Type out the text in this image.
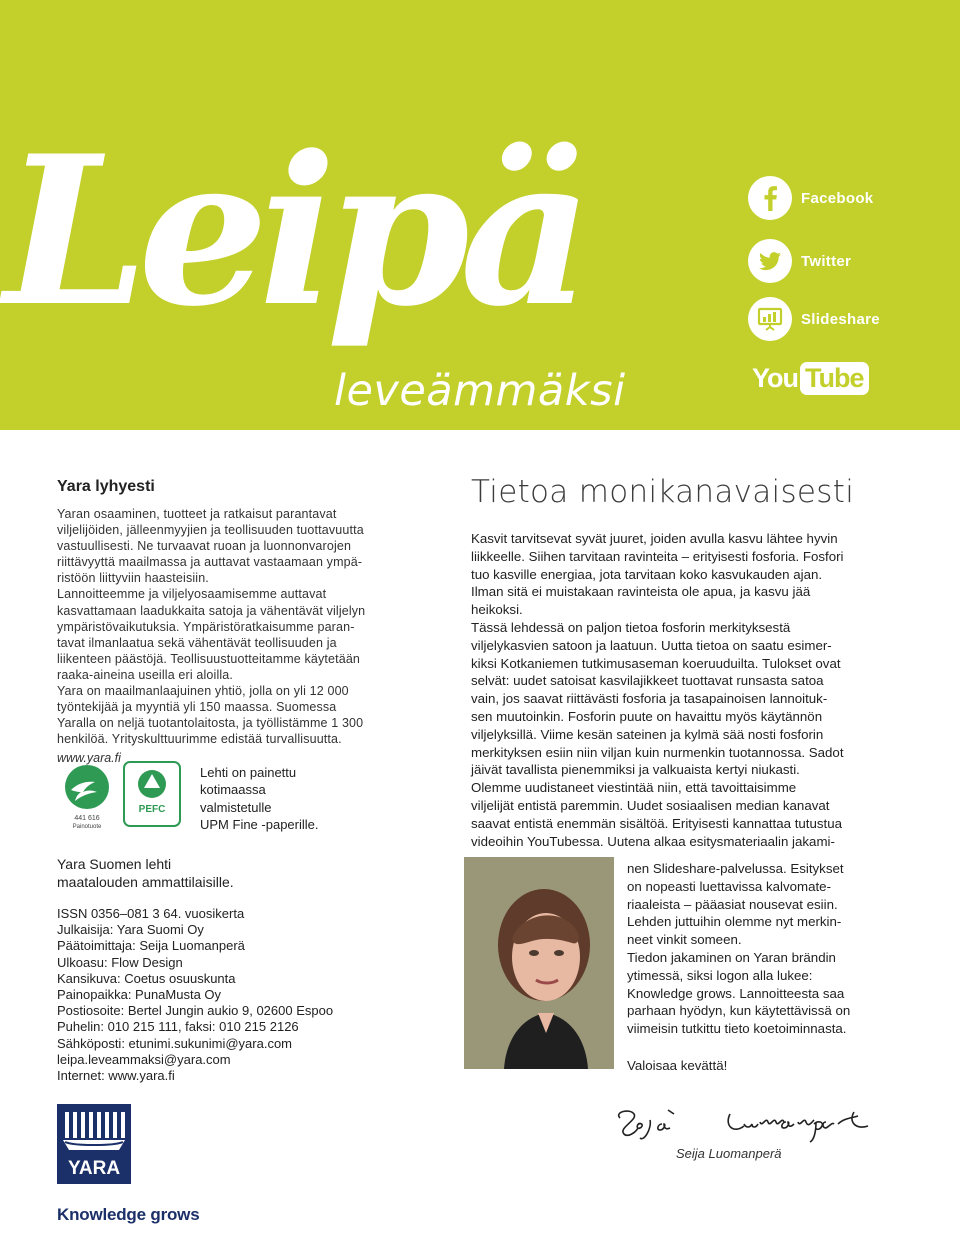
Leipä
leveämmäksi
Facebook
Twitter
Slideshare
You Tube
Yara lyhyesti

Yaran osaaminen, tuotteet ja ratkaisut parantavat
viljelijöiden, jälleenmyyjien ja teollisuuden tuottavuutta
vastuullisesti. Ne turvaavat ruoan ja luonnonvarojen
riittävyyttä maailmassa ja auttavat vastaamaan ympä-
ristöön liittyviin haasteisiin.
Lannoitteemme ja viljelyosaamisemme auttavat
kasvattamaan laadukkaita satoja ja vähentävät viljelyn
ympäristövaikutuksia. Ympäristöratkaisumme paran-
tavat ilmanlaatua sekä vähentävät teollisuuden ja
liikenteen päästöjä. Teollisuustuotteitamme käytetään
raaka-aineina useilla eri aloilla.
Yara on maailmanlaajuinen yhtiö, jolla on yli 12 000
työntekijää ja myyntiä yli 150 maassa. Suomessa
Yaralla on neljä tuotantolaitosta, ja työllistämme 1 300
henkilöä. Yrityskulttuurimme edistää turvallisuutta.

www.yara.fi
441 616
Painotuote
PEFC

Lehti on painettu
kotimaassa
valmistetulle
UPM Fine -paperille.

Yara Suomen lehti
maatalouden ammattilaisille.

ISSN 0356–081 3 64. vuosikerta
Julkaisija: Yara Suomi Oy
Päätoimittaja: Seija Luomanperä
Ulkoasu: Flow Design
Kansikuva: Coetus osuuskunta
Painopaikka: PunaMusta Oy
Postiosoite: Bertel Jungin aukio 9, 02600 Espoo
Puhelin: 010 215 111, faksi: 010 215 2126
Sähköposti: etunimi.sukunimi@yara.com
leipa.leveammaksi@yara.com
Internet: www.yara.fi
YARA
Knowledge grows
Tietoa monikanavaisesti

Kasvit tarvitsevat syvät juuret, joiden avulla kasvu lähtee hyvin
liikkeelle. Siihen tarvitaan ravinteita – erityisesti fosforia. Fosfori
tuo kasville energiaa, jota tarvitaan koko kasvukauden ajan.
Ilman sitä ei muistakaan ravinteista ole apua, ja kasvu jää
heikoksi.
Tässä lehdessä on paljon tietoa fosforin merkityksestä
viljelykasvien satoon ja laatuun. Uutta tietoa on saatu esimer-
kiksi Kotkaniemen tutkimusaseman koeruuduilta. Tulokset ovat
selvät: uudet satoisat kasvilajikkeet tuottavat runsasta satoa
vain, jos saavat riittävästi fosforia ja tasapainoisen lannoituk-
sen muutoinkin. Fosforin puute on havaittu myös käytännön
viljelyksillä. Viime kesän sateinen ja kylmä sää nosti fosforin
merkityksen esiin niin viljan kuin nurmenkin tuotannossa. Sadot
jäivät tavallista pienemmiksi ja valkuaista kertyi niukasti.
Olemme uudistaneet viestintää niin, että tavoittaisimme
viljelijät entistä paremmin. Uudet sosiaalisen median kanavat
saavat entistä enemmän sisältöä. Erityisesti kannattaa tutustua
videoihin YouTubessa. Uutena alkaa esitysmateriaalin jakami-

nen Slideshare-palvelussa. Esitykset
on nopeasti luettavissa kalvomate-
riaaleista – pääasiat nousevat esiin.
Lehden juttuihin olemme nyt merkin-
neet vinkit someen.
Tiedon jakaminen on Yaran brändin
ytimessä, siksi logon alla lukee:
Knowledge grows. Lannoitteesta saa
parhaan hyödyn, kun käytettävissä on
viimeisin tutkittu tieto koetoiminnasta.

Valoisaa kevättä!

Seija Luomanperä
